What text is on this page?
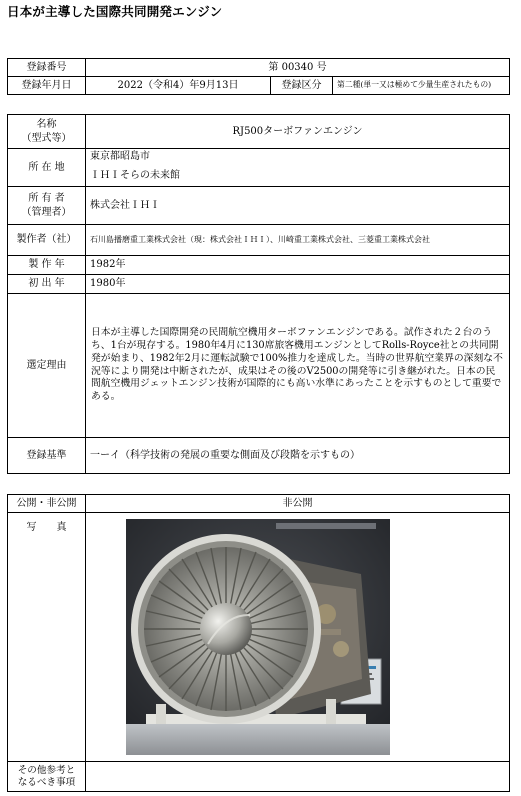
日本が主導した国際共同開発エンジン
登録番号	第 00340 号		
登録年月日	2022（令和4）年9月13日	登録区分	第二種(単一又は極めて少量生産されたもの)
名称
（型式等）	RJ500ターボファンエンジン
所 在 地	東京都昭島市
ＩＨＩそらの未来館

所 有 者
（管理者）	株式会社ＩＨＩ
製作者（社）	石川島播磨重工業株式会社（現：株式会社ＩＨＩ）、川崎重工業株式会社、三菱重工業株式会社
製 作 年	1982年
初 出 年	1980年
選定理由	日本が主導した国際開発の民間航空機用ターボファンエンジンである。試作された２台のうち、1台が現存する。1980年4月に130席旅客機用エンジンとしてRolls-Royce社との共同開発が始まり、1982年2月に運転試験で100%推力を達成した。当時の世界航空業界の深刻な不況等により開発は中断されたが、成果はその後のV2500の開発等に引き継がれた。日本の民間航空機用ジェットエンジン技術が国際的にも高い水準にあったことを示すものとして重要である。
登録基準	一ーイ（科学技術の発展の重要な側面及び段階を示すもの）
公開・非公開	非公開
写　　真	

その他参考と
なるべき事項	
